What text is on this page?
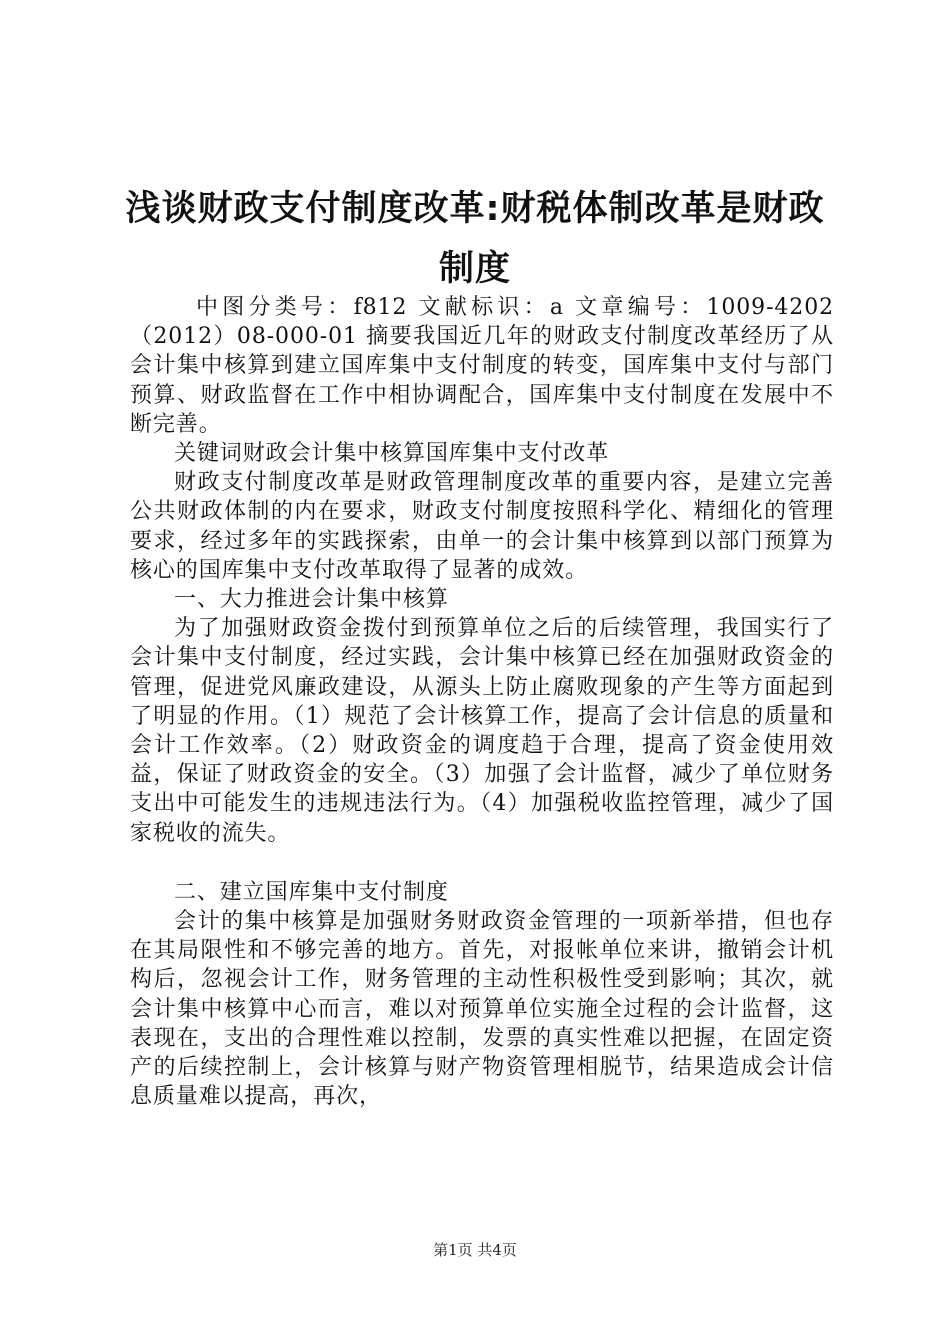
浅谈财政支付制度改革:财税体制改革是财政
制度

中图分类号：f812 文献标识：a 文章编号：1009-4202（2012）08-000-01 摘要我国近几年的财政支付制度改革经历了从会计集中核算到建立国库集中支付制度的转变，国库集中支付与部门预算、财政监督在工作中相协调配合，国库集中支付制度在发展中不断完善。

关键词财政会计集中核算国库集中支付改革

财政支付制度改革是财政管理制度改革的重要内容，是建立完善公共财政体制的内在要求，财政支付制度按照科学化、精细化的管理要求，经过多年的实践探索，由单一的会计集中核算到以部门预算为核心的国库集中支付改革取得了显著的成效。

一、大力推进会计集中核算

为了加强财政资金拨付到预算单位之后的后续管理，我国实行了会计集中支付制度，经过实践，会计集中核算已经在加强财政资金的管理，促进党风廉政建设，从源头上防止腐败现象的产生等方面起到了明显的作用。（1）规范了会计核算工作，提高了会计信息的质量和会计工作效率。（2）财政资金的调度趋于合理，提高了资金使用效益，保证了财政资金的安全。（3）加强了会计监督，减少了单位财务支出中可能发生的违规违法行为。（4）加强税收监控管理，减少了国家税收的流失。

二、建立国库集中支付制度

会计的集中核算是加强财务财政资金管理的一项新举措，但也存在其局限性和不够完善的地方。首先，对报帐单位来讲，撤销会计机构后，忽视会计工作，财务管理的主动性积极性受到影响；其次，就会计集中核算中心而言，难以对预算单位实施全过程的会计监督，这表现在，支出的合理性难以控制，发票的真实性难以把握，在固定资产的后续控制上，会计核算与财产物资管理相脱节，结果造成会计信息质量难以提高，再次，

第1页 共4页
